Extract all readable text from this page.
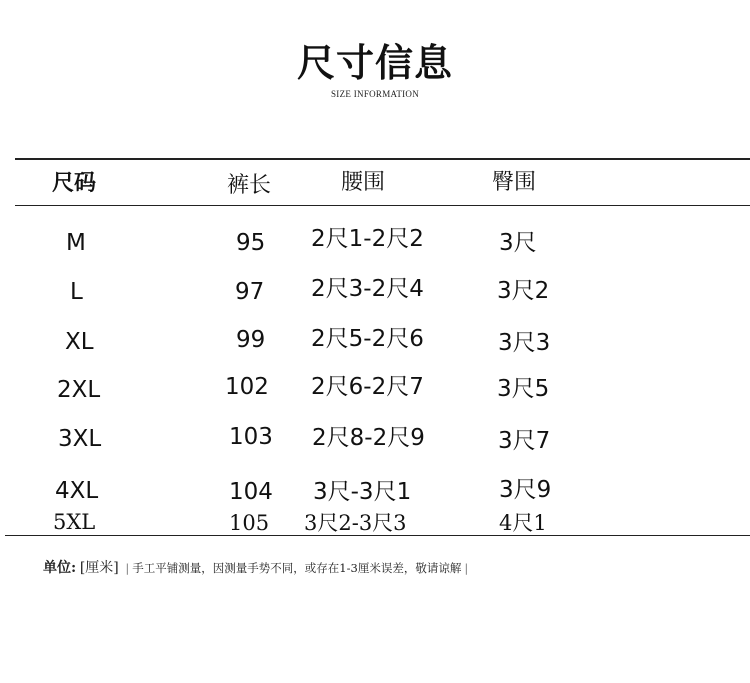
尺寸信息
SIZE INFORMATION
尺码	裤长	腰围	臀围
M	95 2尺1-2尺2	3尺
L	97 2尺3-2尺4	3尺2
XL	99 2尺5-2尺6	3尺3
2XL	102 2尺6-2尺7	3尺5
3XL	103 2尺8-2尺9	3尺7
4XL	104 3尺-3尺1	3尺9
5XL	105 3尺2-3尺3	4尺1
单位: [厘米] | 手工平铺测量，因测量手势不同，或存在1-3厘米误差，敬请谅解 |
